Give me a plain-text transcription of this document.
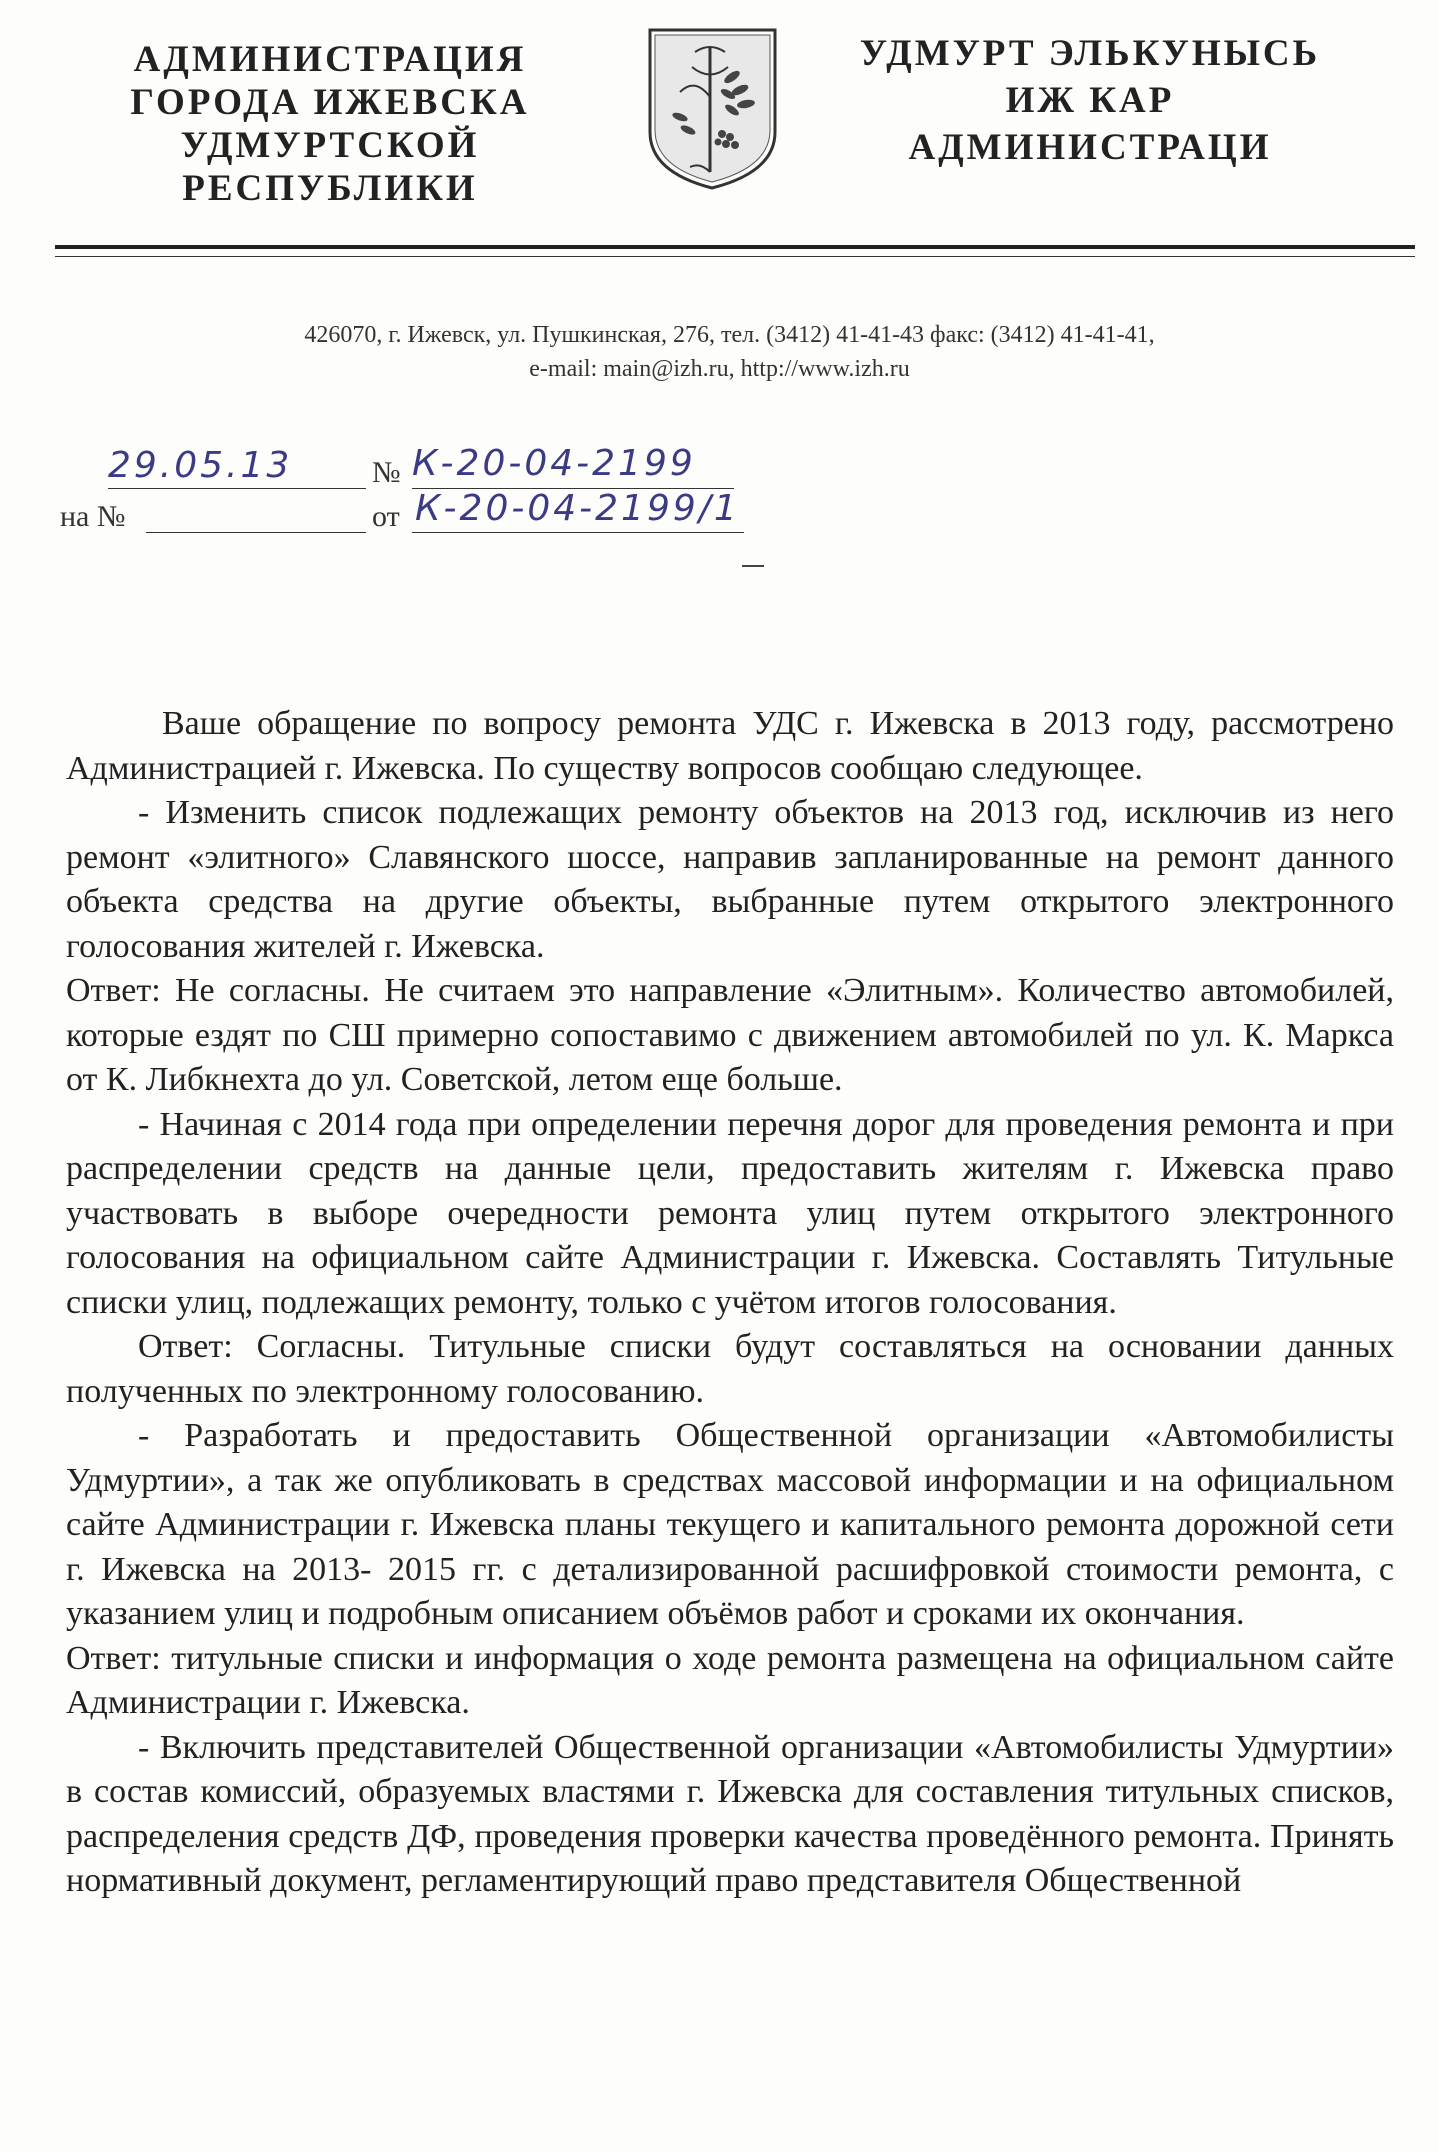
АДМИНИСТРАЦИЯ
ГОРОДА ИЖЕВСКА
УДМУРТСКОЙ
РЕСПУБЛИКИ
УДМУРТ ЭЛЬКУНЫСЬ
ИЖ КАР
АДМИНИСТРАЦИ
426070, г. Ижевск, ул. Пушкинская, 276, тел. (3412) 41-41-43 факс: (3412) 41-41-41,
e-mail: main@izh.ru, http://www.izh.ru
29.05.13	№ К-20-04-2199
на №	от К-20-04-2199/1

Ваше обращение по вопросу ремонта УДС г. Ижевска в 2013 году, рассмотрено Администрацией г. Ижевска. По существу вопросов сообщаю следующее.

- Изменить список подлежащих ремонту объектов на 2013 год, исключив из него ремонт «элитного» Славянского шоссе, направив запланированные на ремонт данного объекта средства на другие объекты, выбранные путем открытого электронного голосования жителей г. Ижевска.

Ответ: Не согласны. Не считаем это направление «Элитным». Количество автомобилей, которые ездят по СШ примерно сопоставимо с движением автомобилей по ул. К. Маркса от К. Либкнехта до ул. Советской, летом еще больше.

- Начиная с 2014 года при определении перечня дорог для проведения ремонта и при распределении средств на данные цели, предоставить жителям г. Ижевска право участвовать в выборе очередности ремонта улиц путем открытого электронного голосования на официальном сайте Администрации г. Ижевска. Составлять Титульные списки улиц, подлежащих ремонту, только с учётом итогов голосования.

Ответ: Согласны. Титульные списки будут составляться на основании данных полученных по электронному голосованию.

- Разработать и предоставить Общественной организации «Автомобилисты Удмуртии», а так же опубликовать в средствах массовой информации и на официальном сайте Администрации г. Ижевска планы текущего и капитального ремонта дорожной сети г. Ижевска на 2013- 2015 гг. с детализированной расшифровкой стоимости ремонта, с указанием улиц и подробным описанием объёмов работ и сроками их окончания.

Ответ: титульные списки и информация о ходе ремонта размещена на официальном сайте Администрации г. Ижевска.

- Включить представителей Общественной организации «Автомобилисты Удмуртии» в состав комиссий, образуемых властями г. Ижевска для составления титульных списков, распределения средств ДФ, проведения проверки качества проведённого ремонта. Принять нормативный документ, регламентирующий право представителя Общественной
